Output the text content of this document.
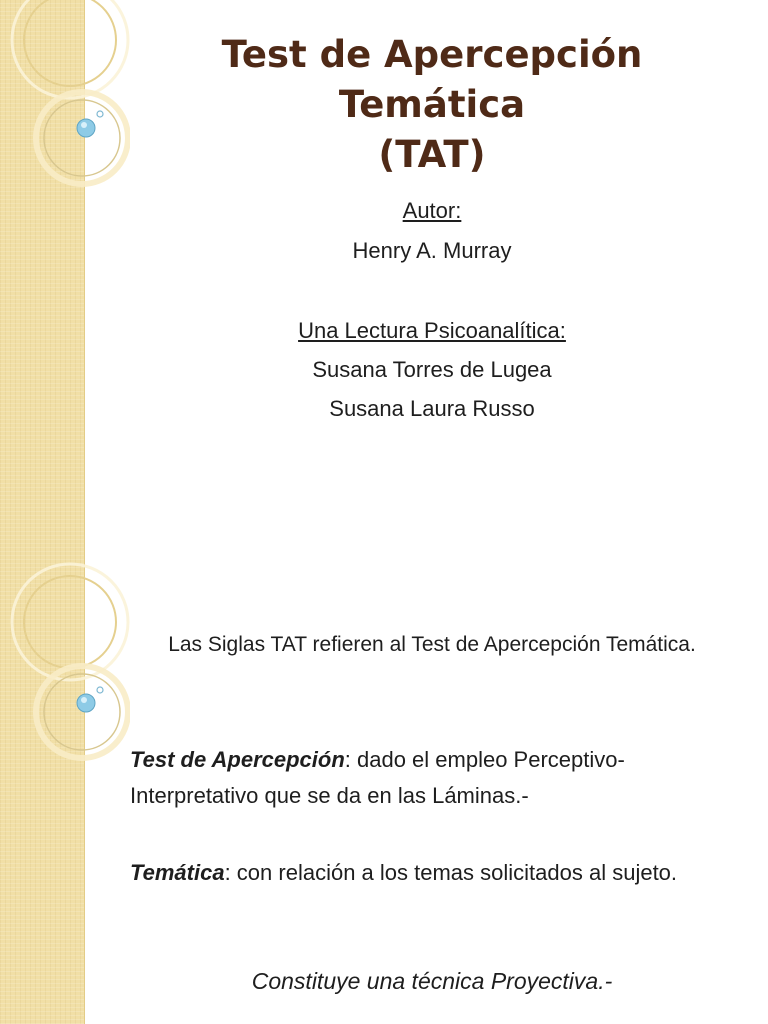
Test de Apercepción
Temática
(TAT)
Autor:
Henry A. Murray
Una Lectura Psicoanalítica:
Susana Torres de Lugea
Susana Laura Russo
Las Siglas TAT refieren al Test de Apercepción Temática.
Test de Apercepción: dado el empleo Perceptivo-Interpretativo que se da en las Láminas.-
Temática: con relación a los temas solicitados al sujeto.
Constituye una técnica Proyectiva.-
